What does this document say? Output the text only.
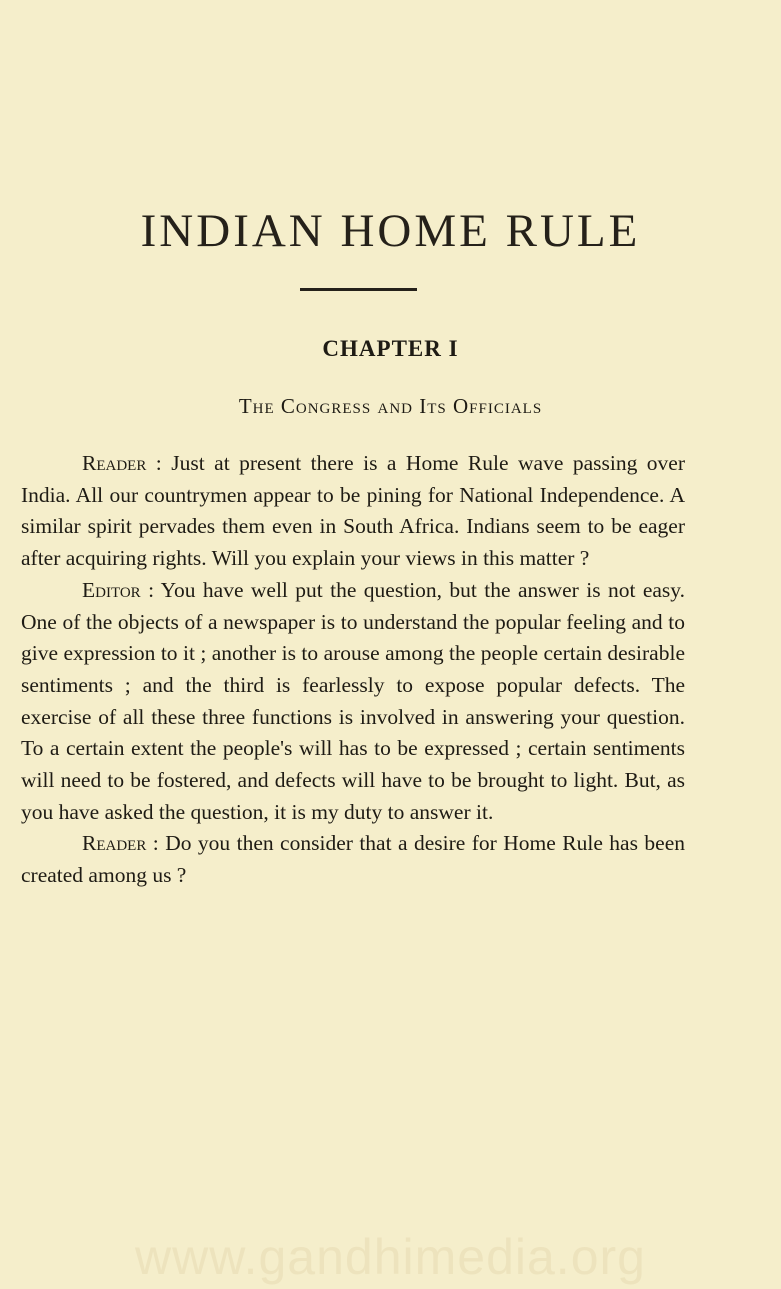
INDIAN HOME RULE
CHAPTER I
The Congress and Its Officials

Reader : Just at present there is a Home Rule wave passing over India. All our countrymen appear to be pining for National Independence. A similar spirit pervades them even in South Africa. Indians seem to be eager after acquiring rights. Will you explain your views in this matter ?

Editor : You have well put the question, but the answer is not easy. One of the objects of a newspaper is to understand the popular feeling and to give expression to it ; another is to arouse among the people certain desirable sentiments ; and the third is fearlessly to expose popular defects. The exercise of all these three functions is involved in answering your question. To a certain extent the people's will has to be expressed ; certain sentiments will need to be fostered, and defects will have to be brought to light. But, as you have asked the question, it is my duty to answer it.

Reader : Do you then consider that a desire for Home Rule has been created among us ?

www.gandhimedia.org
